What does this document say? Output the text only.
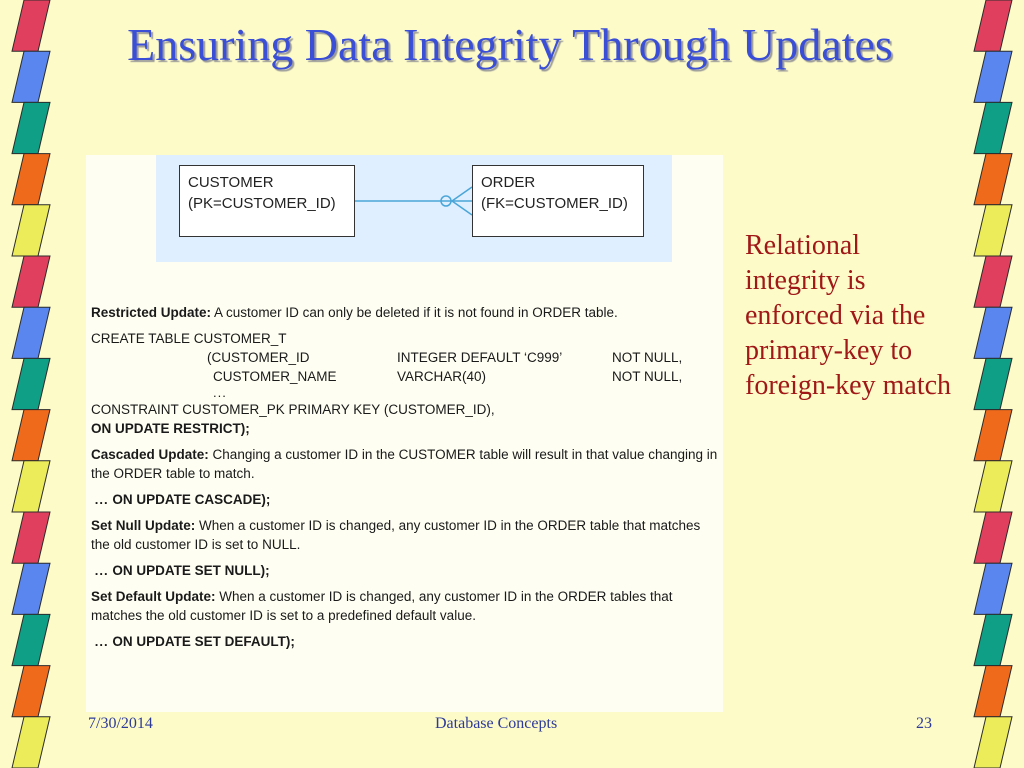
Ensuring Data Integrity Through Updates
CUSTOMER
(PK=CUSTOMER_ID)
ORDER
(FK=CUSTOMER_ID)

Restricted Update: A customer ID can only be deleted if it is not found in ORDER table.

CREATE TABLE CUSTOMER_T
(CUSTOMER_ID	INTEGER DEFAULT ‘C999’	NOT NULL,
CUSTOMER_NAME	VARCHAR(40)	NOT NULL,
...
CONSTRAINT CUSTOMER_PK PRIMARY KEY (CUSTOMER_ID),
ON UPDATE RESTRICT);

Cascaded Update: Changing a customer ID in the CUSTOMER table will result in that value changing in the ORDER table to match.

... ON UPDATE CASCADE);

Set Null Update: When a customer ID is changed, any customer ID in the ORDER table that matches the old customer ID is set to NULL.

... ON UPDATE SET NULL);

Set Default Update: When a customer ID is changed, any customer ID in the ORDER tables that matches the old customer ID is set to a predefined default value.

... ON UPDATE SET DEFAULT);

Relational integrity is enforced via the primary-key to foreign-key match
7/30/2014	Database Concepts	23
